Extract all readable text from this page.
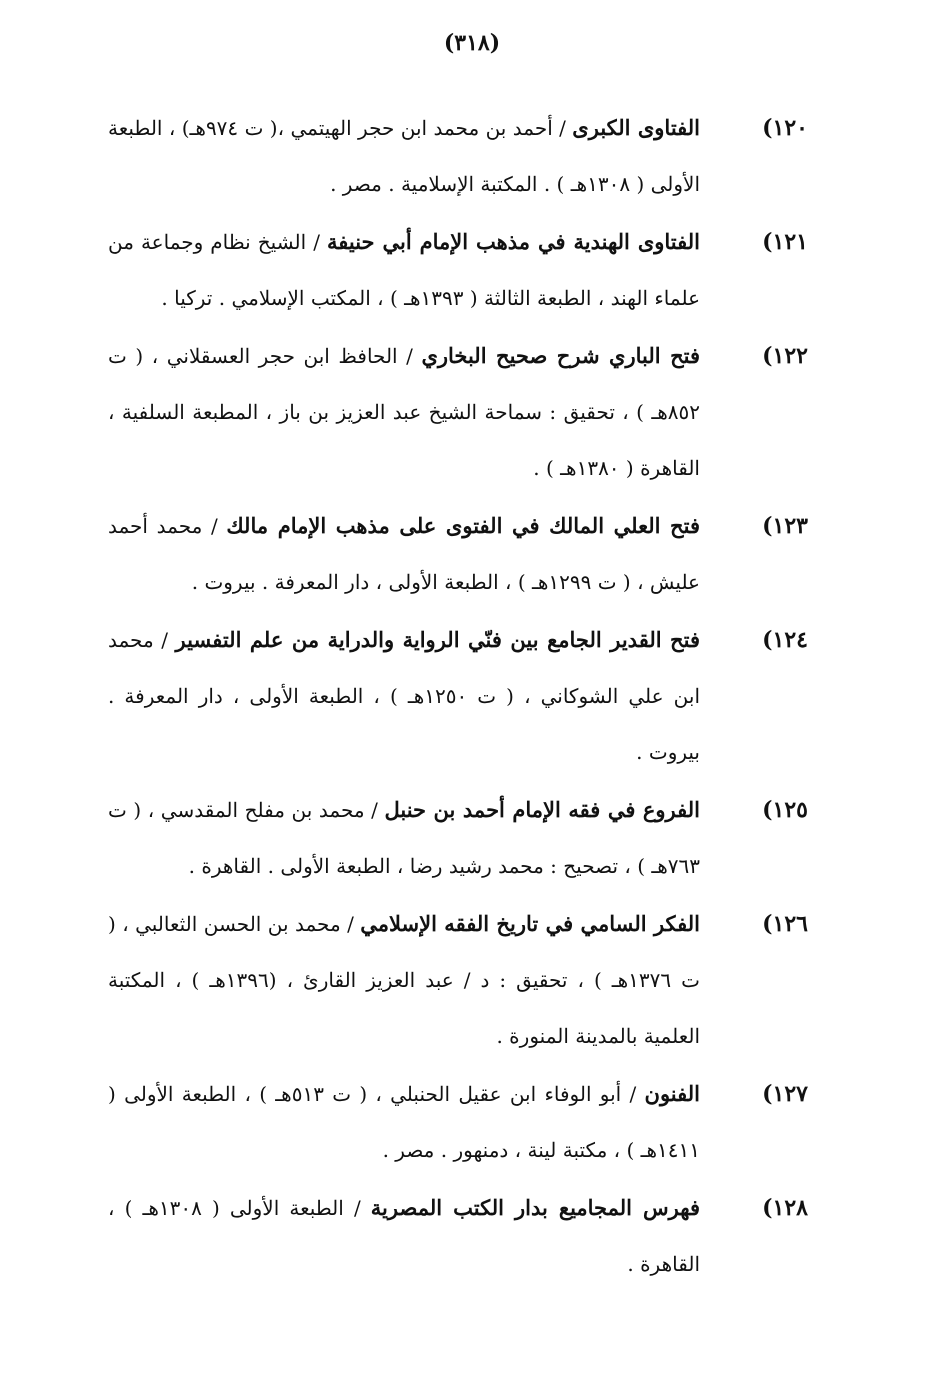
(٣١٨)
١٢٠)
الفتاوى الكبرى / أحمد بن محمد ابن حجر الهيتمي ،( ت ٩٧٤هـ) ، الطبعة الأولى ( ١٣٠٨هـ ) . المكتبة الإسلامية . مصر .
١٢١)
الفتاوى الهندية في مذهب الإمام أبي حنيفة / الشيخ نظام وجماعة من علماء الهند ، الطبعة الثالثة ( ١٣٩٣هـ ) ، المكتب الإسلامي . تركيا .
١٢٢)
فتح الباري شرح صحيح البخاري / الحافظ ابن حجر العسقلاني ، ( ت ٨٥٢هـ ) ، تحقيق : سماحة الشيخ عبد العزيز بن باز ، المطبعة السلفية ، القاهرة ( ١٣٨٠هـ ) .
١٢٣)
فتح العلي المالك في الفتوى على مذهب الإمام مالك / محمد أحمد عليش ، ( ت ١٢٩٩هـ ) ، الطبعة الأولى ، دار المعرفة . بيروت .
١٢٤)
فتح القدير الجامع بين فنّي الرواية والدراية من علم التفسير / محمد ابن علي الشوكاني ، ( ت ١٢٥٠هـ ) ، الطبعة الأولى ، دار المعرفة . بيروت .
١٢٥)
الفروع في فقه الإمام أحمد بن حنبل / محمد بن مفلح المقدسي ، ( ت ٧٦٣هـ ) ، تصحيح : محمد رشيد رضا ، الطبعة الأولى . القاهرة .
١٢٦)
الفكر السامي في تاريخ الفقه الإسلامي / محمد بن الحسن الثعالبي ، ( ت ١٣٧٦هـ ) ، تحقيق : د / عبد العزيز القارئ ، (١٣٩٦هـ ) ، المكتبة العلمية بالمدينة المنورة .
١٢٧)
الفنون / أبو الوفاء ابن عقيل الحنبلي ، ( ت ٥١٣هـ ) ، الطبعة الأولى ( ١٤١١هـ ) ، مكتبة لينة ، دمنهور . مصر .
١٢٨)
فهرس المجاميع بدار الكتب المصرية / الطبعة الأولى ( ١٣٠٨هـ ) ، القاهرة .
